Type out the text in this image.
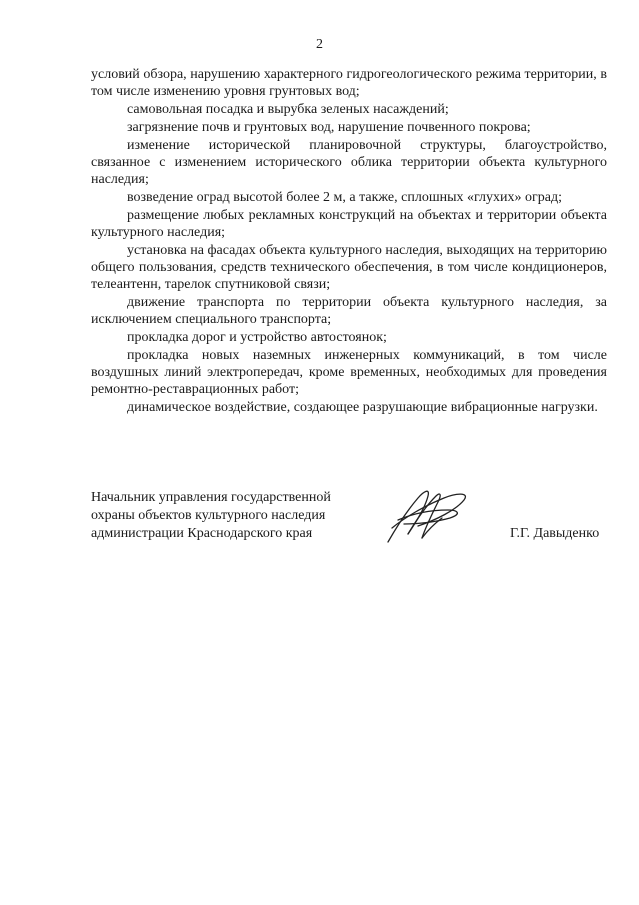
2

условий обзора, нарушению характерного гидрогеологического режима территории, в том числе изменению уровня грунтовых вод;

самовольная посадка и вырубка зеленых насаждений;

загрязнение почв и грунтовых вод, нарушение почвенного покрова;

изменение исторической планировочной структуры, благоустройство, связанное с изменением исторического облика территории объекта культурного наследия;

возведение оград высотой более 2 м, а также, сплошных «глухих» оград;

размещение любых рекламных конструкций на объектах и территории объекта культурного наследия;

установка на фасадах объекта культурного наследия, выходящих на территорию общего пользования, средств технического обеспечения, в том числе кондиционеров, телеантенн, тарелок спутниковой связи;

движение транспорта по территории объекта культурного наследия, за исключением специального транспорта;

прокладка дорог и устройство автостоянок;

прокладка новых наземных инженерных коммуникаций, в том числе воздушных линий электропередач, кроме временных, необходимых для проведения ремонтно-реставрационных работ;

динамическое воздействие, создающее разрушающие вибрационные нагрузки.

Начальник управления государственной
охраны объектов культурного наследия
администрации Краснодарского края	Г.Г. Давыденко
